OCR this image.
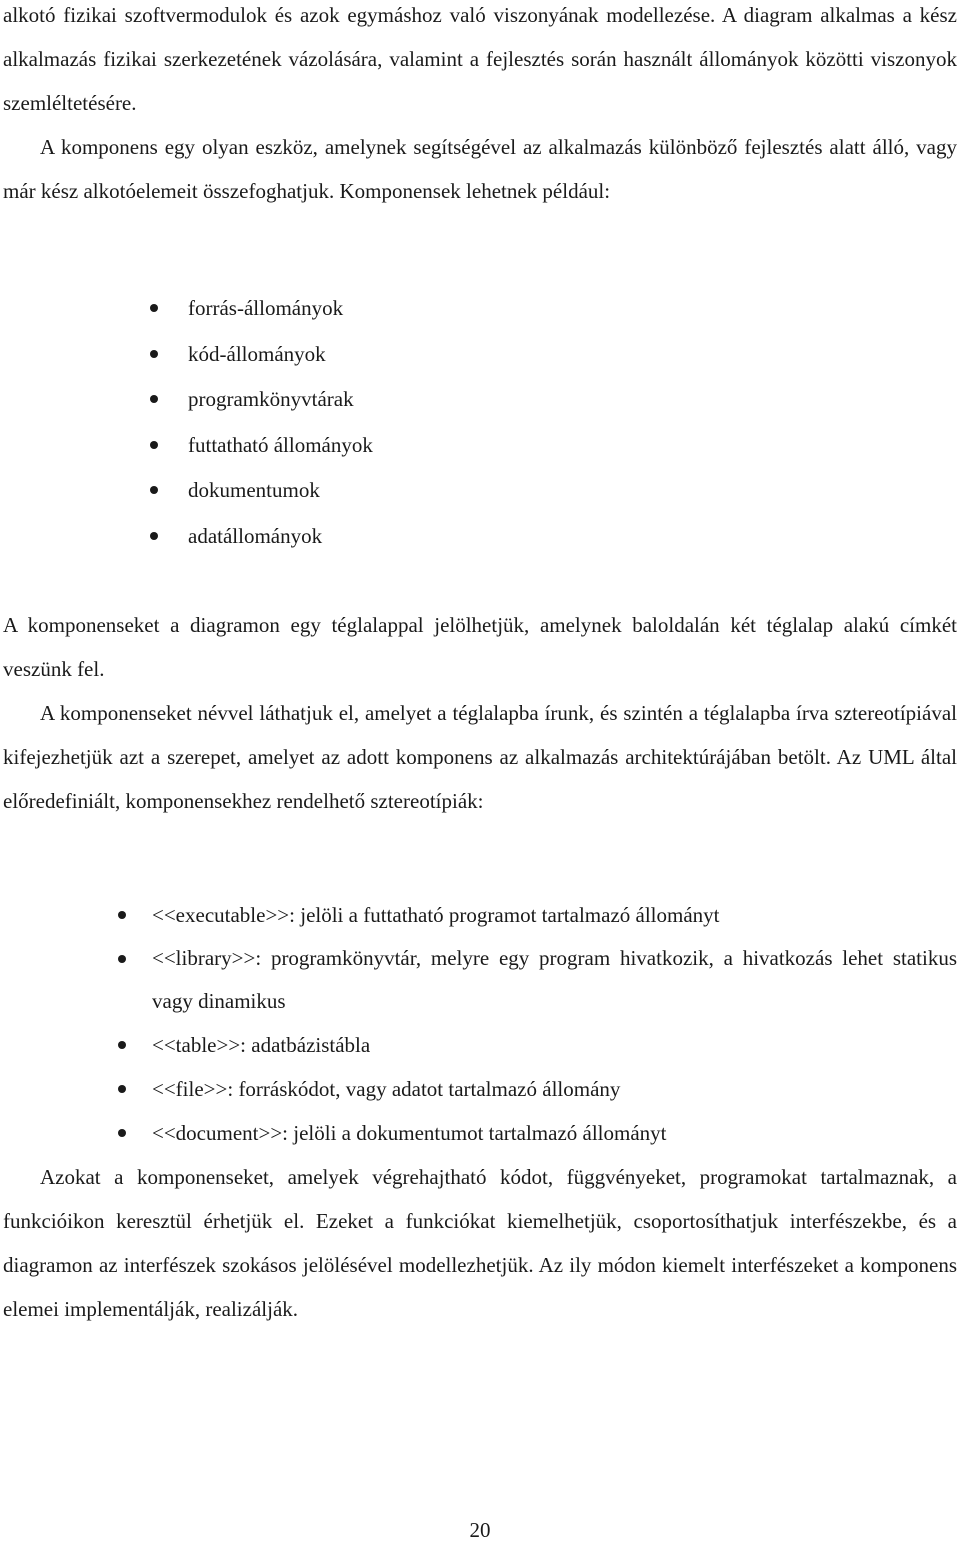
alkotó fizikai szoftvermodulok és azok egymáshoz való viszonyának modellezése. A diagram alkalmas a kész alkalmazás fizikai szerkezetének vázolására, valamint a fejlesztés során használt állományok közötti viszonyok szemléltetésére.

A komponens egy olyan eszköz, amelynek segítségével az alkalmazás különböző fejlesztés alatt álló, vagy már kész alkotóelemeit összefoghatjuk. Komponensek lehetnek például:

forrás-állományok
kód-állományok
programkönyvtárak
futtatható állományok
dokumentumok
adatállományok

A komponenseket a diagramon egy téglalappal jelölhetjük, amelynek baloldalán két téglalap alakú címkét veszünk fel.

A komponenseket névvel láthatjuk el, amelyet a téglalapba írunk, és szintén a téglalapba írva sztereotípiával kifejezhetjük azt a szerepet, amelyet az adott komponens az alkalmazás architektúrájában betölt. Az UML által előredefiniált, komponensekhez rendelhető sztereotípiák:

<<executable>>: jelöli a futtatható programot tartalmazó állományt
<<library>>: programkönyvtár, melyre egy program hivatkozik, a hivatkozás lehet statikus vagy dinamikus
<<table>>: adatbázistábla
<<file>>: forráskódot, vagy adatot tartalmazó állomány
<<document>>: jelöli a dokumentumot tartalmazó állományt

Azokat a komponenseket, amelyek végrehajtható kódot, függvényeket, programokat tartalmaznak, a funkcióikon keresztül érhetjük el. Ezeket a funkciókat kiemelhetjük, csoportosíthatjuk interfészekbe, és a diagramon az interfészek szokásos jelölésével modellezhetjük. Az ily módon kiemelt interfészeket a komponens elemei implementálják, realizálják.

20
